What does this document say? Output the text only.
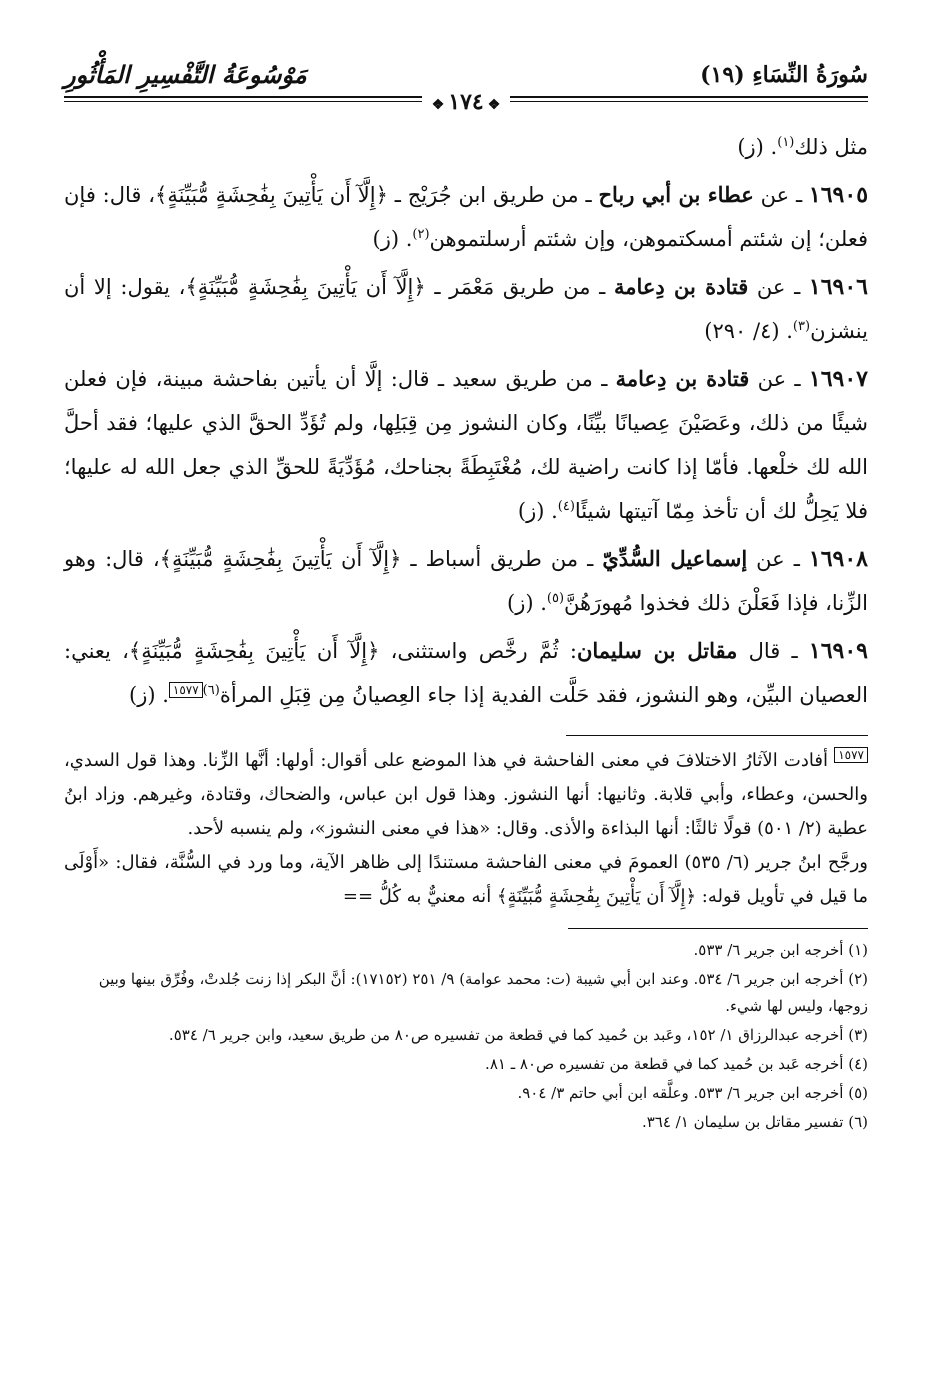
سُورَةُ النِّسَاءِ (١٩)
مَوْسُوعَةُ التَّفْسِيرِ المَأْثُورِ
❖١٧٤❖

مثل ذلك$^{(١)}$. (ز)

١٦٩٠٥ ـ عن عطاء بن أبي رباح ـ من طريق ابن جُرَيْج ـ ﴿إِلَّآ أَن يَأْتِينَ بِفَٰحِشَةٍ مُّبَيِّنَةٍ﴾، قال: فإن فعلن؛ إن شئتم أمسكتموهن، وإن شئتم أرسلتموهن$^{(٢)}$. (ز)

١٦٩٠٦ ـ عن قتادة بن دِعامة ـ من طريق مَعْمَر ـ ﴿إِلَّآ أَن يَأْتِينَ بِفَٰحِشَةٍ مُّبَيِّنَةٍ﴾، يقول: إلا أن ينشزن$^{(٣)}$. (٤/ ٢٩٠)

١٦٩٠٧ ـ عن قتادة بن دِعامة ـ من طريق سعيد ـ قال: إلَّا أن يأتين بفاحشة مبينة، فإن فعلن شيئًا من ذلك، وعَصَيْنَ عِصيانًا بيِّنًا، وكان النشوز مِن قِبَلِها، ولم تُؤَدِّ الحقَّ الذي عليها؛ فقد أحلَّ الله لك خلْعها. فأمّا إذا كانت راضية لك، مُغْتَبِطَةً بجناحك، مُؤَدِّيَةً للحقِّ الذي جعل الله له عليها؛ فلا يَحِلُّ لك أن تأخذ مِمّا آتيتها شيئًا$^{(٤)}$. (ز)

١٦٩٠٨ ـ عن إسماعيل السُّدِّيّ ـ من طريق أسباط ـ ﴿إِلَّآ أَن يَأْتِينَ بِفَٰحِشَةٍ مُّبَيِّنَةٍ﴾، قال: وهو الزِّنا، فإذا فَعَلْنَ ذلك فخذوا مُهورَهُنَّ$^{(٥)}$. (ز)

١٦٩٠٩ ـ قال مقاتل بن سليمان: ثُمَّ رخَّص واستثنى، ﴿إِلَّآ أَن يَأْتِينَ بِفَٰحِشَةٍ مُّبَيِّنَةٍ﴾، يعني: العصيان البيِّن، وهو النشوز، فقد حَلَّت الفدية إذا جاء العِصيانُ مِن قِبَلِ المرأة$^{(٦)}$١٥٧٧. (ز)

١٥٧٧ أفادت الآثارُ الاختلافَ في معنى الفاحشة في هذا الموضع على أقوال: أولها: أنَّها الزِّنا. وهذا قول السدي، والحسن، وعطاء، وأبي قلابة. وثانيها: أنها النشوز. وهذا قول ابن عباس، والضحاك، وقتادة، وغيرهم. وزاد ابنُ عطية (٢/ ٥٠١) قولًا ثالثًا: أنها البذاءة والأذى. وقال: «هذا في معنى النشوز»، ولم ينسبه لأحد.

ورجَّح ابنُ جرير (٦/ ٥٣٥) العمومَ في معنى الفاحشة مستندًا إلى ظاهر الآية، وما ورد في السُّنَّة، فقال: «أَوْلَى ما قيل في تأويل قوله: ﴿إِلَّآ أَن يَأْتِينَ بِفَٰحِشَةٍ مُّبَيِّنَةٍ﴾ أنه معنيٌّ به كُلُّ ==

(١) أخرجه ابن جرير ٦/ ٥٣٣.

(٢) أخرجه ابن جرير ٦/ ٥٣٤. وعند ابن أبي شيبة (ت: محمد عوامة) ٩/ ٢٥١ (١٧١٥٢): أنَّ البكر إذا زنت جُلدتْ، وفُرِّق بينها وبين زوجها، وليس لها شيء.

(٣) أخرجه عبدالرزاق ١/ ١٥٢، وعَبد بن حُميد كما في قطعة من تفسيره ص٨٠ من طريق سعيد، وابن جرير ٦/ ٥٣٤.

(٤) أخرجه عَبد بن حُميد كما في قطعة من تفسيره ص٨٠ ـ ٨١.

(٥) أخرجه ابن جرير ٦/ ٥٣٣. وعلَّقه ابن أبي حاتم ٣/ ٩٠٤.

(٦) تفسير مقاتل بن سليمان ١/ ٣٦٤.
